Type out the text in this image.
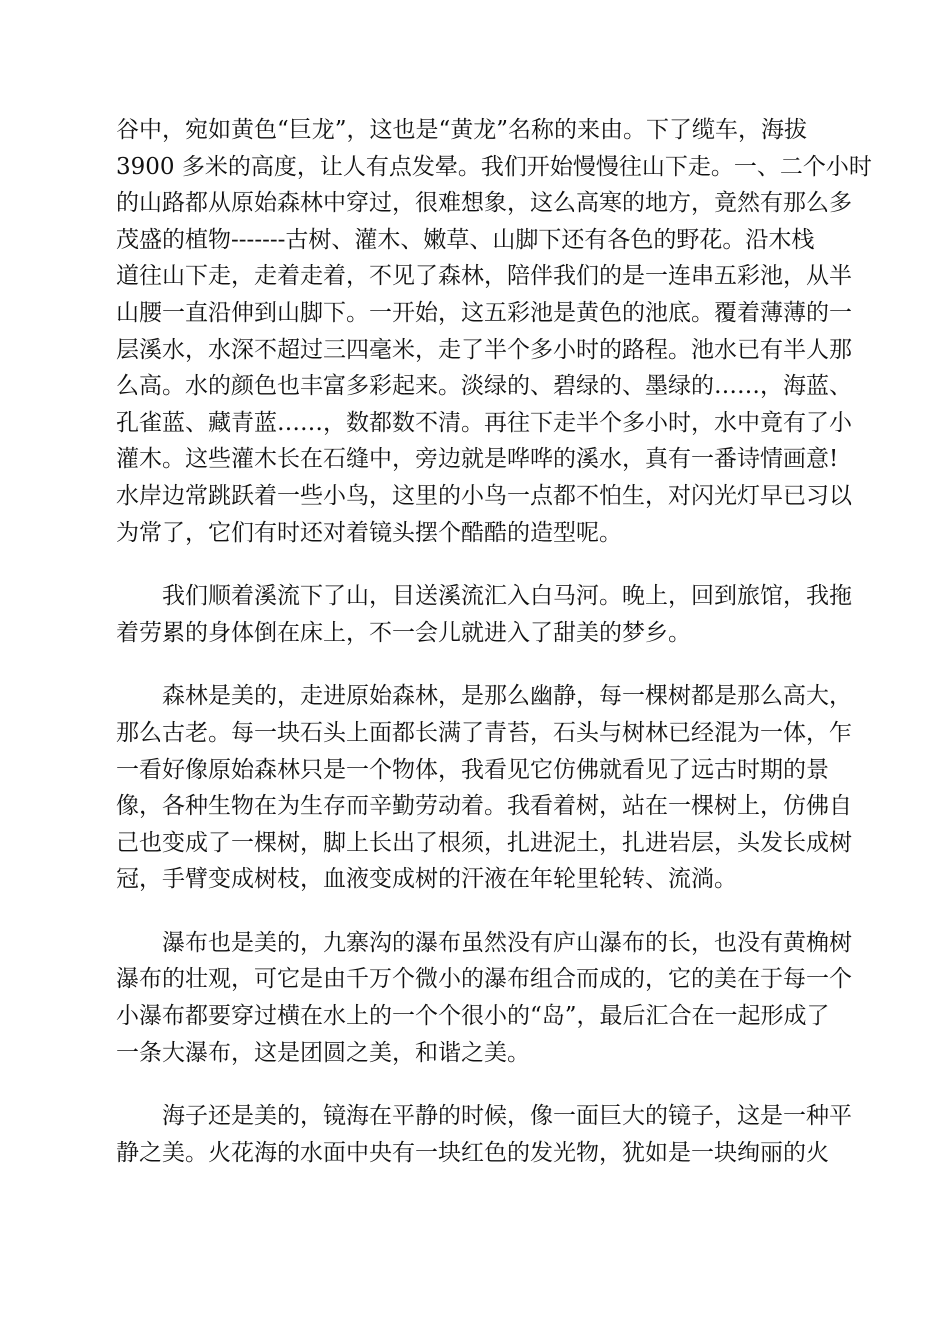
谷中，宛如黄色“巨龙”，这也是“黄龙”名称的来由。下了缆车，海拔
3900 多米的高度，让人有点发晕。我们开始慢慢往山下走。一、二个小时
的山路都从原始森林中穿过，很难想象，这么高寒的地方，竟然有那么多
茂盛的植物-------古树、灌木、嫩草、山脚下还有各色的野花。沿木栈
道往山下走，走着走着，不见了森林，陪伴我们的是一连串五彩池，从半
山腰一直沿伸到山脚下。一开始，这五彩池是黄色的池底。覆着薄薄的一
层溪水，水深不超过三四毫米，走了半个多小时的路程。池水已有半人那
么高。水的颜色也丰富多彩起来。淡绿的、碧绿的、墨绿的……，海蓝、
孔雀蓝、藏青蓝……，数都数不清。再往下走半个多小时，水中竟有了小
灌木。这些灌木长在石缝中，旁边就是哗哗的溪水，真有一番诗情画意!
水岸边常跳跃着一些小鸟，这里的小鸟一点都不怕生，对闪光灯早已习以
为常了，它们有时还对着镜头摆个酷酷的造型呢。
我们顺着溪流下了山，目送溪流汇入白马河。晚上，回到旅馆，我拖
着劳累的身体倒在床上，不一会儿就进入了甜美的梦乡。
森林是美的，走进原始森林，是那么幽静，每一棵树都是那么高大，
那么古老。每一块石头上面都长满了青苔，石头与树林已经混为一体，乍
一看好像原始森林只是一个物体，我看见它仿佛就看见了远古时期的景
像，各种生物在为生存而辛勤劳动着。我看着树，站在一棵树上，仿佛自
己也变成了一棵树，脚上长出了根须，扎进泥土，扎进岩层，头发长成树
冠，手臂变成树枝，血液变成树的汗液在年轮里轮转、流淌。
瀑布也是美的，九寨沟的瀑布虽然没有庐山瀑布的长，也没有黄桷树
瀑布的壮观，可它是由千万个微小的瀑布组合而成的，它的美在于每一个
小瀑布都要穿过横在水上的一个个很小的“岛”，最后汇合在一起形成了
一条大瀑布，这是团圆之美，和谐之美。
海子还是美的，镜海在平静的时候，像一面巨大的镜子，这是一种平
静之美。火花海的水面中央有一块红色的发光物，犹如是一块绚丽的火
